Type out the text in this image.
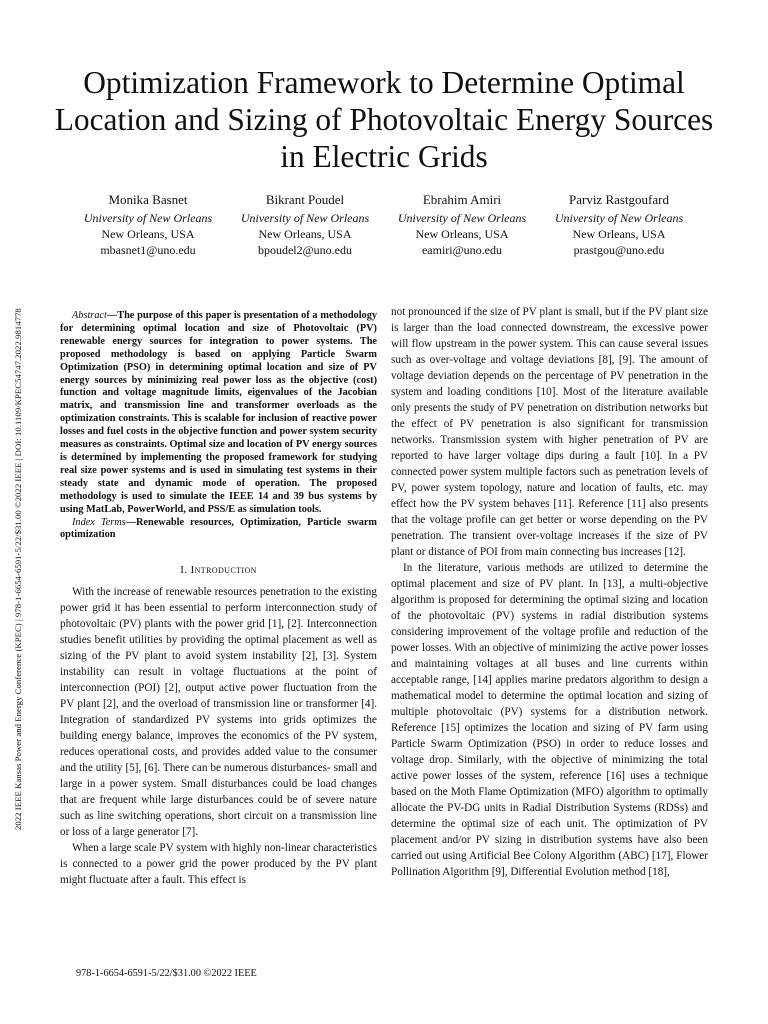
2022 IEEE Kansas Power and Energy Conference (KPEC) | 978-1-6654-6591-5/22/$31.00 ©2022 IEEE | DOI: 10.1109/KPEC54747.2022.9814778
Optimization Framework to Determine Optimal
Location and Sizing of Photovoltaic Energy Sources
in Electric Grids
Monika Basnet
University of New Orleans
New Orleans, USA
mbasnet1@uno.edu
Bikrant Poudel
University of New Orleans
New Orleans, USA
bpoudel2@uno.edu
Ebrahim Amiri
University of New Orleans
New Orleans, USA
eamiri@uno.edu
Parviz Rastgoufard
University of New Orleans
New Orleans, USA
prastgou@uno.edu

Abstract—The purpose of this paper is presentation of a methodology for determining optimal location and size of Photovoltaic (PV) renewable energy sources for integration to power systems. The proposed methodology is based on applying Particle Swarm Optimization (PSO) in determining optimal location and size of PV energy sources by minimizing real power loss as the objective (cost) function and voltage magnitude limits, eigenvalues of the Jacobian matrix, and transmission line and transformer overloads as the optimization constraints. This is scalable for inclusion of reactive power losses and fuel costs in the objective function and power system security measures as constraints. Optimal size and location of PV energy sources is determined by implementing the proposed framework for studying real size power systems and is used in simulating test systems in their steady state and dynamic mode of operation. The proposed methodology is used to simulate the IEEE 14 and 39 bus systems by using MatLab, PowerWorld, and PSS/E as simulation tools.

Index Terms—Renewable resources, Optimization, Particle swarm optimization

I. Introduction

With the increase of renewable resources penetration to the existing power grid it has been essential to perform interconnection study of photovoltaic (PV) plants with the power grid [1], [2]. Interconnection studies benefit utilities by providing the optimal placement as well as sizing of the PV plant to avoid system instability [2], [3]. System instability can result in voltage fluctuations at the point of interconnection (POI) [2], output active power fluctuation from the PV plant [2], and the overload of transmission line or transformer [4]. Integration of standardized PV systems into grids optimizes the building energy balance, improves the economics of the PV system, reduces operational costs, and provides added value to the consumer and the utility [5], [6]. There can be numerous disturbances- small and large in a power system. Small disturbances could be load changes that are frequent while large disturbances could be of severe nature such as line switching operations, short circuit on a transmission line or loss of a large generator [7].

When a large scale PV system with highly non-linear characteristics is connected to a power grid the power produced by the PV plant might fluctuate after a fault. This effect is

not pronounced if the size of PV plant is small, but if the PV plant size is larger than the load connected downstream, the excessive power will flow upstream in the power system. This can cause several issues such as over-voltage and voltage deviations [8], [9]. The amount of voltage deviation depends on the percentage of PV penetration in the system and loading conditions [10]. Most of the literature available only presents the study of PV penetration on distribution networks but the effect of PV penetration is also significant for transmission networks. Transmission system with higher penetration of PV are reported to have larger voltage dips during a fault [10]. In a PV connected power system multiple factors such as penetration levels of PV, power system topology, nature and location of faults, etc. may effect how the PV system behaves [11]. Reference [11] also presents that the voltage profile can get better or worse depending on the PV penetration. The transient over-voltage increases if the size of PV plant or distance of POI from main connecting bus increases [12].

In the literature, various methods are utilized to determine the optimal placement and size of PV plant. In [13], a multi-objective algorithm is proposed for determining the optimal sizing and location of the photovoltaic (PV) systems in radial distribution systems considering improvement of the voltage profile and reduction of the power losses. With an objective of minimizing the active power losses and maintaining voltages at all buses and line currents within acceptable range, [14] applies marine predators algorithm to design a mathematical model to determine the optimal location and sizing of multiple photovoltaic (PV) systems for a distribution network. Reference [15] optimizes the location and sizing of PV farm using Particle Swarm Optimization (PSO) in order to reduce losses and voltage drop. Similarly, with the objective of minimizing the total active power losses of the system, reference [16] uses a technique based on the Moth Flame Optimization (MFO) algorithm to optimally allocate the PV-DG units in Radial Distribution Systems (RDSs) and determine the optimal size of each unit. The optimization of PV placement and/or PV sizing in distribution systems have also been carried out using Artificial Bee Colony Algorithm (ABC) [17], Flower Pollination Algorithm [9], Differential Evolution method [18],

978-1-6654-6591-5/22/$31.00 ©2022 IEEE
